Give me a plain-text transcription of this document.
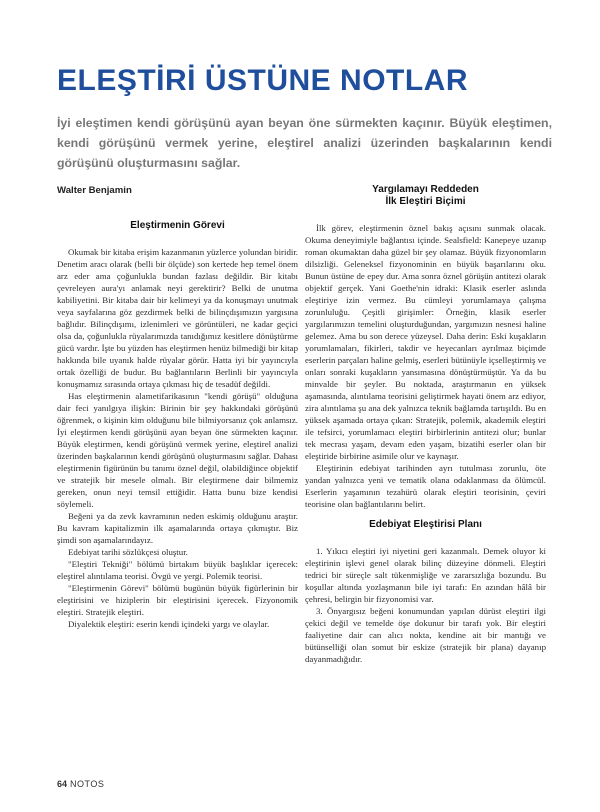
ELEŞTİRİ ÜSTÜNE NOTLAR

İyi eleştimen kendi görüşünü ayan beyan öne sürmekten kaçınır. Büyük eleştimen, kendi görüşünü vermek yerine, eleştirel analizi üzerinden başkalarının kendi görüşünü oluşturmasını sağlar.

Walter Benjamin
Eleştirmenin Görevi

Okumak bir kitaba erişim kazanmanın yüzlerce yolundan biridir. Denetim aracı olarak (belli bir ölçüde) son kertede hep temel önem arz eder ama çoğunlukla bundan fazlası değildir. Bir kitabı çevreleyen aura'yı anlamak neyi gerektirir? Belki de unutma kabiliyetini. Bir kitaba dair bir kelimeyi ya da konuşmayı unutmak veya sayfalarına göz gezdirmek belki de bilinçdışımızın yargısına bağlıdır. Bilinçdışımı, izlenimleri ve görüntüleri, ne kadar geçici olsa da, çoğunlukla rüyalarımızda tanıdığımız kesitlere dönüştürme gücü vardır. İşte bu yüzden has eleştirmen henüz bilmediği bir kitap hakkında bile uyanık halde rüyalar görür. Hatta iyi bir yayıncıyla ortak özelliği de budur. Bu bağlantıların Berlinli bir yayıncıyla konuşmamız sırasında ortaya çıkması hiç de tesadüf değildi.

Has eleştirmenin alametifarikasının "kendi görüşü" olduğuna dair feci yanılgıya ilişkin: Birinin bir şey hakkındaki görüşünü öğrenmek, o kişinin kim olduğunu bile bilmiyorsanız çok anlamsız. İyi eleştirmen kendi görüşünü ayan beyan öne sürmekten kaçınır. Büyük eleştirmen, kendi görüşünü vermek yerine, eleştirel analizi üzerinden başkalarının kendi görüşünü oluşturmasını sağlar. Dahası eleştirmenin figürünün bu tanımı öznel değil, olabildiğince objektif ve stratejik bir mesele olmalı. Bir eleştirmene dair bilmemiz gereken, onun neyi temsil ettiğidir. Hatta bunu bize kendisi söylemeli.

Beğeni ya da zevk kavramının neden eskimiş olduğunu araştır. Bu kavram kapitalizmin ilk aşamalarında ortaya çıkmıştır. Biz şimdi son aşamalarındayız.

Edebiyat tarihi sözlükçesi oluştur.

"Eleştiri Tekniği" bölümü birtakım büyük başlıklar içerecek: eleştirel alıntılama teorisi. Övgü ve yergi. Polemik teorisi.

"Eleştirmenin Görevi" bölümü bugünün büyük figürlerinin bir eleştirisini ve hiziplerin bir eleştirisini içerecek. Fizyonomik eleştiri. Stratejik eleştiri.

Diyalektik eleştiri: eserin kendi içindeki yargı ve olaylar.

Yargılamayı Reddeden
İlk Eleştiri Biçimi

İlk görev, eleştirmenin öznel bakış açısını sunmak olacak. Okuma deneyimiyle bağlantısı içinde. Sealsfield: Kanepeye uzanıp roman okumaktan daha güzel bir şey olamaz. Büyük fizyonomların dilsizliği. Geleneksel fizyonominin en büyük başarılarını oku. Bunun üstüne de epey dur. Ama sonra öznel görüşün antitezi olarak objektif gerçek. Yani Goethe'nin idraki: Klasik eserler aslında eleştiriye izin vermez. Bu cümleyi yorumlamaya çalışma zorunluluğu. Çeşitli girişimler: Örneğin, klasik eserler yargılarımızın temelini oluşturduğundan, yargımızın nesnesi haline gelemez. Ama bu son derece yüzeysel. Daha derin: Eski kuşakların yorumlamaları, fikirleri, takdir ve heyecanları ayrılmaz biçimde eserlerin parçaları haline gelmiş, eserleri bütünüyle içselleştirmiş ve onları sonraki kuşakların yansımasına dönüştürmüştür. Ya da bu minvalde bir şeyler. Bu noktada, araştırmanın en yüksek aşamasında, alıntılama teorisini geliştirmek hayati önem arz ediyor, zira alıntılama şu ana dek yalnızca teknik bağlamda tartışıldı. Bu en yüksek aşamada ortaya çıkan: Stratejik, polemik, akademik eleştiri ile tefsirci, yorumlamacı eleştiri birbirlerinin antitezi olur; bunlar tek mecrası yaşam, devam eden yaşam, bizatihi eserler olan bir eleştiride birbirine asimile olur ve kaynaşır.

Eleştirinin edebiyat tarihinden ayrı tutulması zorunlu, öte yandan yalnızca yeni ve tematik olana odaklanması da ölümcül. Eserlerin yaşamının tezahürü olarak eleştiri teorisinin, çeviri teorisine olan bağlantılarını belirt.

Edebiyat Eleştirisi Planı

1. Yıkıcı eleştiri iyi niyetini geri kazanmalı. Demek oluyor ki eleştirinin işlevi genel olarak bilinç düzeyine dönmeli. Eleştiri tedrici bir süreçle salt tükenmişliğe ve zararsızlığa bozundu. Bu koşullar altında yozlaşmanın bile iyi tarafı: En azından hâlâ bir çehresi, belirgin bir fizyonomisi var.

3. Önyargısız beğeni konumundan yapılan dürüst eleştiri ilgi çekici değil ve temelde öşe dokunur bir tarafı yok. Bir eleştiri faaliyetine dair can alıcı nokta, kendine ait bir mantığı ve bütünselliği olan somut bir eskize (stratejik bir plana) dayanıp dayanmadığıdır.

64 NOTOS
